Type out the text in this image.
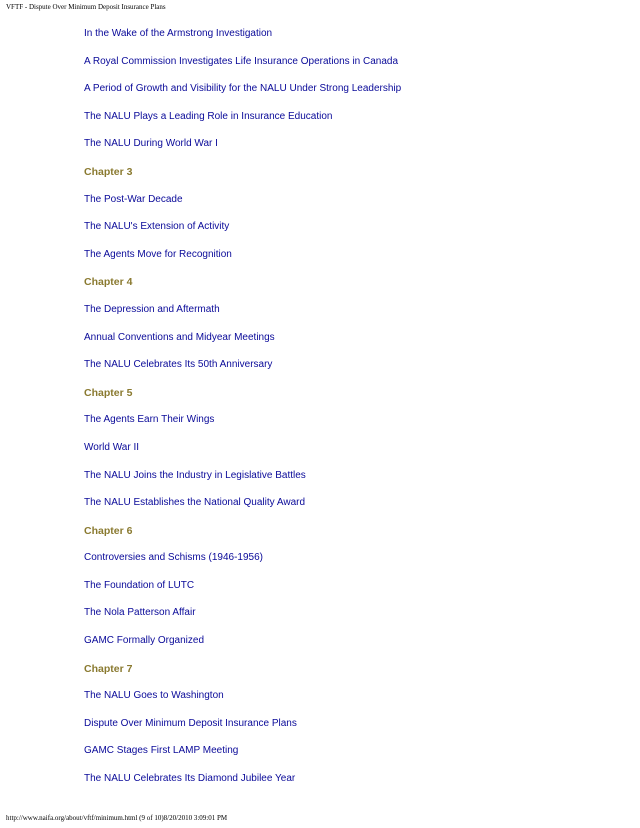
VFTF - Dispute Over Minimum Deposit Insurance Plans
In the Wake of the Armstrong Investigation
A Royal Commission Investigates Life Insurance Operations in Canada
A Period of Growth and Visibility for the NALU Under Strong Leadership
The NALU Plays a Leading Role in Insurance Education
The NALU During World War I
Chapter 3
The Post-War Decade
The NALU's Extension of Activity
The Agents Move for Recognition
Chapter 4
The Depression and Aftermath
Annual Conventions and Midyear Meetings
The NALU Celebrates Its 50th Anniversary
Chapter 5
The Agents Earn Their Wings
World War II
The NALU Joins the Industry in Legislative Battles
The NALU Establishes the National Quality Award
Chapter 6
Controversies and Schisms (1946-1956)
The Foundation of LUTC
The Nola Patterson Affair
GAMC Formally Organized
Chapter 7
The NALU Goes to Washington
Dispute Over Minimum Deposit Insurance Plans
GAMC Stages First LAMP Meeting
The NALU Celebrates Its Diamond Jubilee Year
http://www.naifa.org/about/vftf/minimum.html (9 of 10)8/20/2010 3:09:01 PM
